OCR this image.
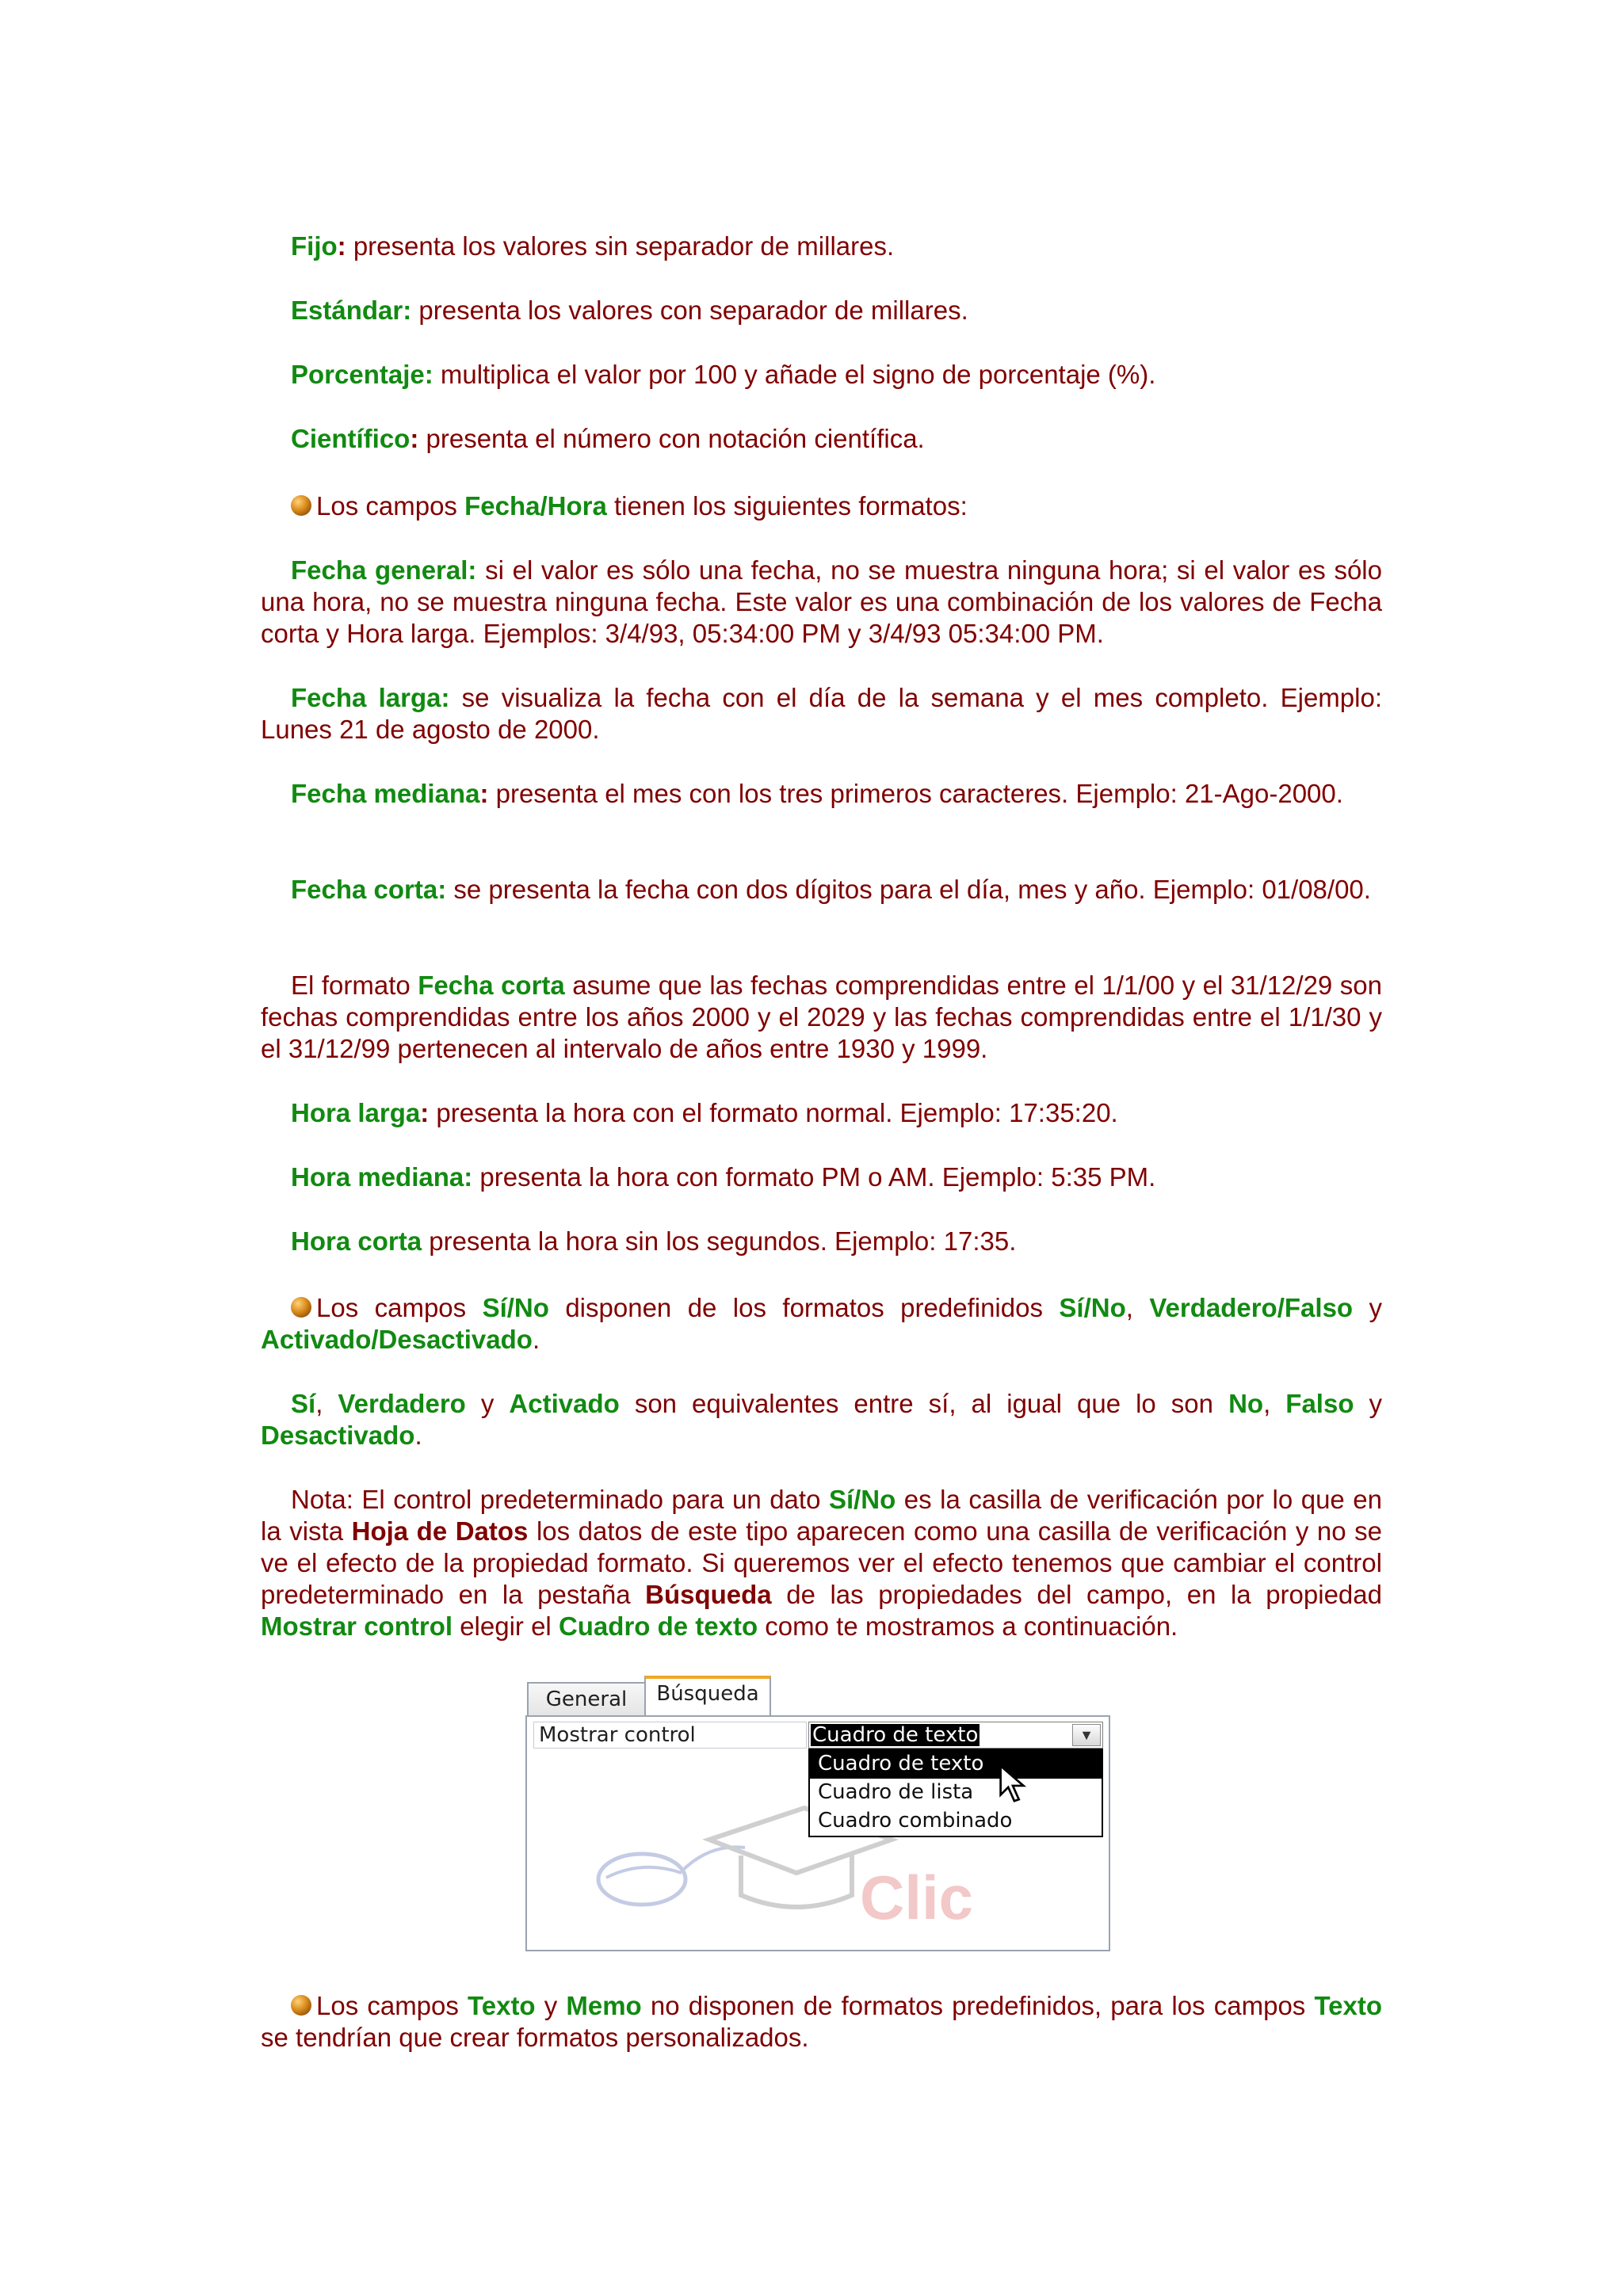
Fijo: presenta los valores sin separador de millares.

Estándar: presenta los valores con separador de millares.

Porcentaje: multiplica el valor por 100 y añade el signo de porcentaje (%).

Científico: presenta el número con notación científica.

Los campos Fecha/Hora tienen los siguientes formatos:

Fecha general: si el valor es sólo una fecha, no se muestra ninguna hora; si el valor es sólo una hora, no se muestra ninguna fecha. Este valor es una combinación de los valores de Fecha corta y Hora larga. Ejemplos: 3/4/93, 05:34:00 PM y 3/4/93 05:34:00 PM.

Fecha larga: se visualiza la fecha con el día de la semana y el mes completo. Ejemplo: Lunes 21 de agosto de 2000.

Fecha mediana: presenta el mes con los tres primeros caracteres. Ejemplo: 21-Ago-2000.

Fecha corta: se presenta la fecha con dos dígitos para el día, mes y año. Ejemplo: 01/08/00.

El formato Fecha corta asume que las fechas comprendidas entre el 1/1/00 y el 31/12/29 son fechas comprendidas entre los años 2000 y el 2029 y las fechas comprendidas entre el 1/1/30 y el 31/12/99 pertenecen al intervalo de años entre 1930 y 1999.

Hora larga: presenta la hora con el formato normal. Ejemplo: 17:35:20.

Hora mediana: presenta la hora con formato PM o AM. Ejemplo: 5:35 PM.

Hora corta presenta la hora sin los segundos. Ejemplo: 17:35.

Los campos Sí/No disponen de los formatos predefinidos Sí/No, Verdadero/Falso y Activado/Desactivado.

Sí, Verdadero y Activado son equivalentes entre sí, al igual que lo son No, Falso y Desactivado.

Nota: El control predeterminado para un dato Sí/No es la casilla de verificación por lo que en la vista Hoja de Datos los datos de este tipo aparecen como una casilla de verificación y no se ve el efecto de la propiedad formato. Si queremos ver el efecto tenemos que cambiar el control predeterminado en la pestaña Búsqueda de las propiedades del campo, en la propiedad Mostrar control elegir el Cuadro de texto como te mostramos a continuación.

Los campos Texto y Memo no disponen de formatos predefinidos, para los campos Texto se tendrían que crear formatos personalizados.

General	Búsqueda
Clic
Mostrar control	Cuadro de texto	▼
Cuadro de texto
Cuadro de lista
Cuadro combinado
